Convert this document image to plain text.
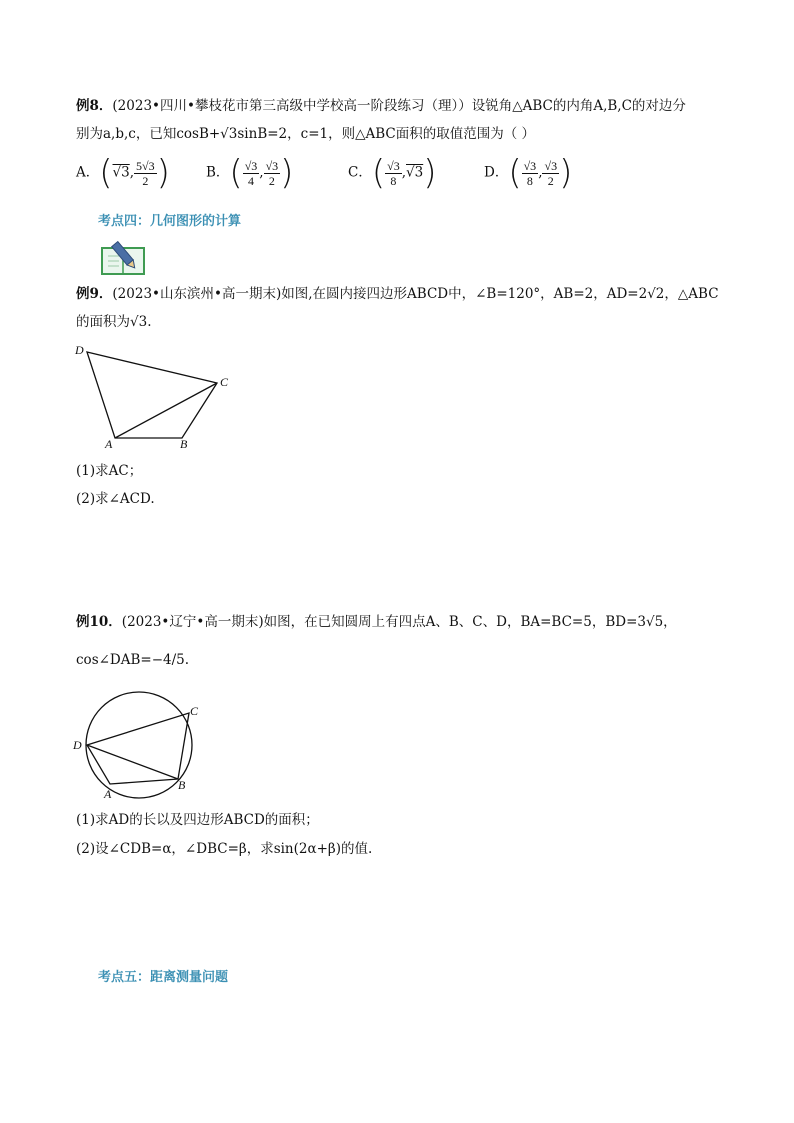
例8．(2023•四川•攀枝花市第三高级中学校高一阶段练习（理））设锐角△ABC的内角A,B,C的对边分
别为a,b,c，已知cosB+√3sinB=2，c=1，则△ABC面积的取值范围为（ ）
A．(√3, $\frac{5√3}{2}$ )	B．( $\frac{√3}{4}$ , $\frac{√3}{2}$ )	C．( $\frac{√3}{8} ,√3$)	D．( $\frac{√3}{8}$ , $\frac{√3}{2}$ )
考点四：几何图形的计算
例9．(2023•山东滨州•高一期末)如图,在圆内接四边形ABCD中，∠B=120°，AB=2，AD=2√2，△ABC
的面积为√3.
D
C
A	B
(1)求AC；
(2)求∠ACD.
例10．(2023•辽宁•高一期末)如图，在已知圆周上有四点A、B、C、D，BA=BC=5，BD=3√5，
cos∠DAB=−4/5.
C
D
B
A
(1)求AD的长以及四边形ABCD的面积；
(2)设∠CDB=α，∠DBC=β，求sin(2α+β)的值.
考点五：距离测量问题
